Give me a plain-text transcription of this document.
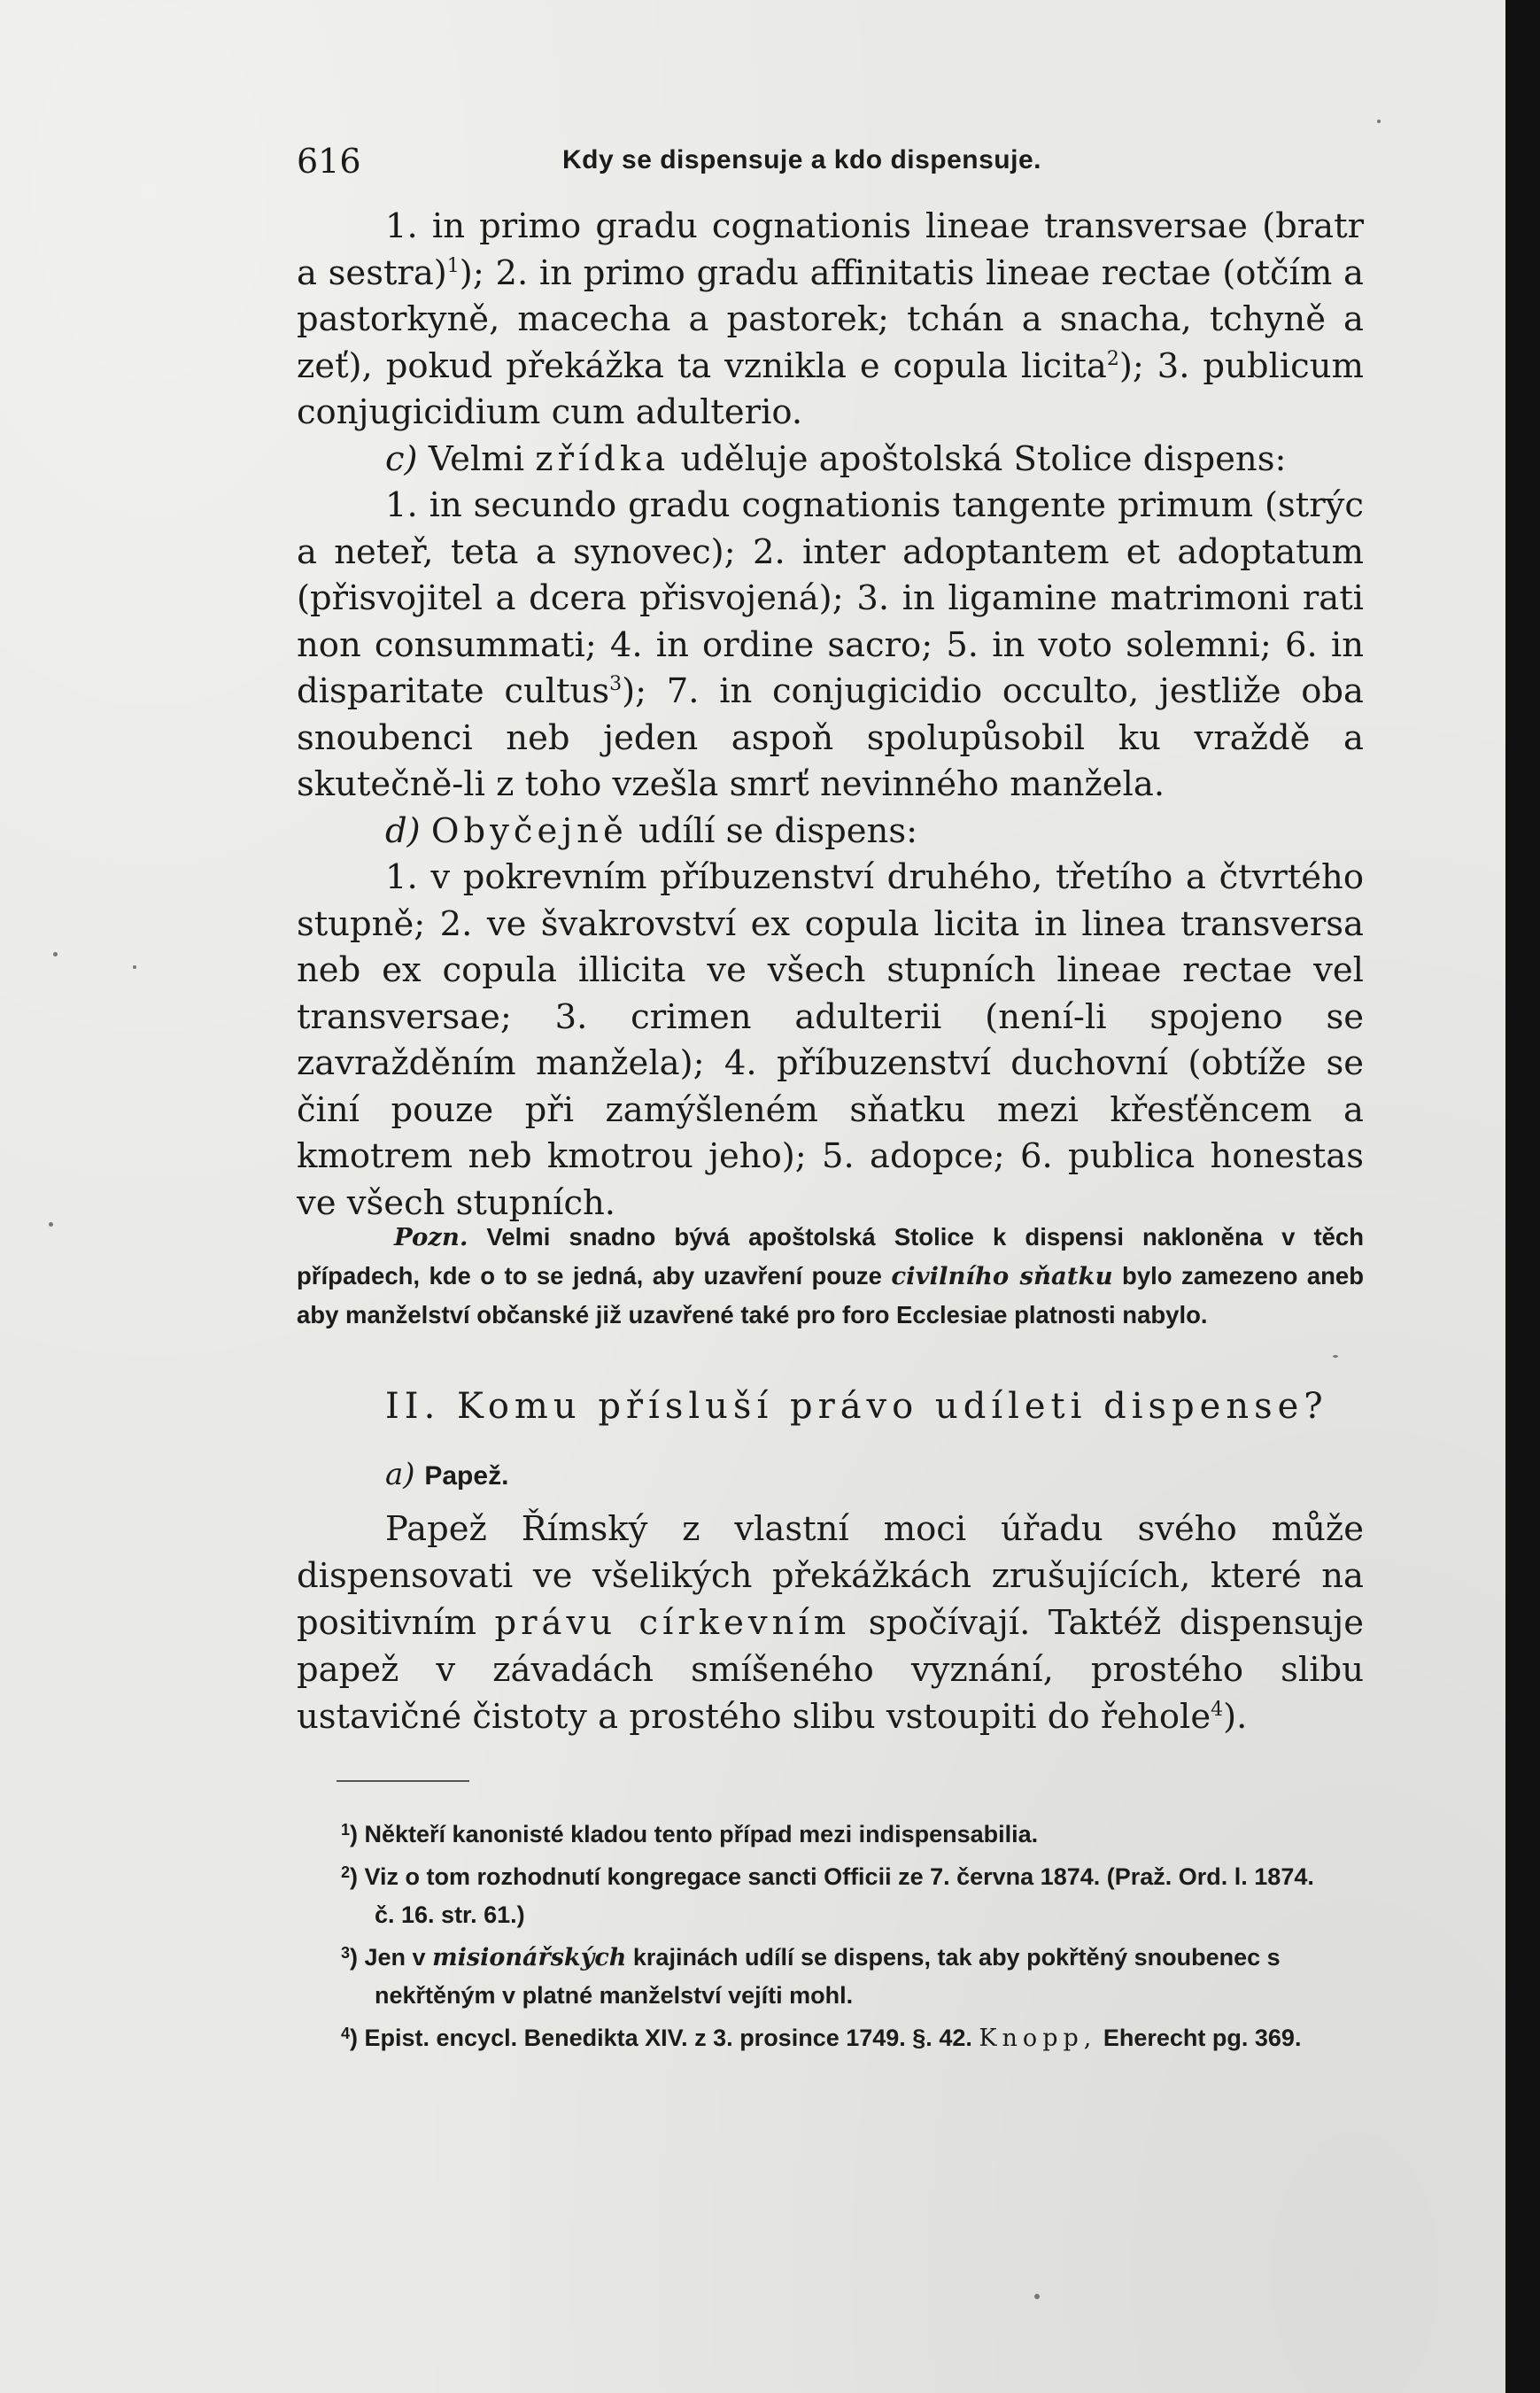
616	Kdy se dispensuje a kdo dispensuje.

1. in primo gradu cognationis lineae transversae (bratr a sestra)$^1$); 2. in primo gradu affinitatis lineae rectae (otčím a pastorkyně, macecha a pastorek; tchán a snacha, tchyně a zeť), pokud překážka ta vznikla e copula licita$^2$); 3. publicum conjugicidium cum adulterio.

c) Velmi zřídka uděluje apoštolská Stolice dispens:

1. in secundo gradu cognationis tangente primum (strýc a neteř, teta a synovec); 2. inter adoptantem et adoptatum (přisvojitel a dcera přisvojená); 3. in ligamine matrimoni rati non consummati; 4. in ordine sacro; 5. in voto solemni; 6. in disparitate cultus$^3$); 7. in conjugicidio occulto, jestliže oba snoubenci neb jeden aspoň spolupůsobil ku vraždě a skutečně-li z toho vzešla smrť nevinného manžela.

d) Obyčejně udílí se dispens:

1. v pokrevním příbuzenství druhého, třetího a čtvrtého stupně; 2. ve švakrovství ex copula licita in linea transversa neb ex copula illicita ve všech stupních lineae rectae vel transversae; 3. crimen adulterii (není-li spojeno se zavražděním manžela); 4. příbuzenství duchovní (obtíže se činí pouze při zamýšleném sňatku mezi křesťěncem a kmotrem neb kmotrou jeho); 5. adopce; 6. publica honestas ve všech stupních.

Pozn. Velmi snadno bývá apoštolská Stolice k dispensi nakloněna v těch případech, kde o to se jedná, aby uzavření pouze civilního sňatku bylo zamezeno aneb aby manželství občanské již uzavřené také pro foro Ecclesiae platnosti nabylo.

II. Komu přísluší právo udíleti dispense?
a) Papež.

Papež Římský z vlastní moci úřadu svého může dispensovati ve všelikých překážkách zrušujících, které na positivním právu církevním spočívají. Taktéž dispensuje papež v závadách smíšeného vyznání, prostého slibu ustavičné čistoty a prostého slibu vstoupiti do řehole$^4$).

$^1$) Někteří kanonisté kladou tento případ mezi indispensabilia.
$^2$) Viz o tom rozhodnutí kongregace sancti Officii ze 7. června 1874. (Praž. Ord. l. 1874. č. 16. str. 61.)
$^3$) Jen v misionářských krajinách udílí se dispens, tak aby pokřtěný snoubenec s nekřtěným v platné manželství vejíti mohl.
$^4$) Epist. encycl. Benedikta XIV. z 3. prosince 1749. §. 42. Knopp, Eherecht pg. 369.
